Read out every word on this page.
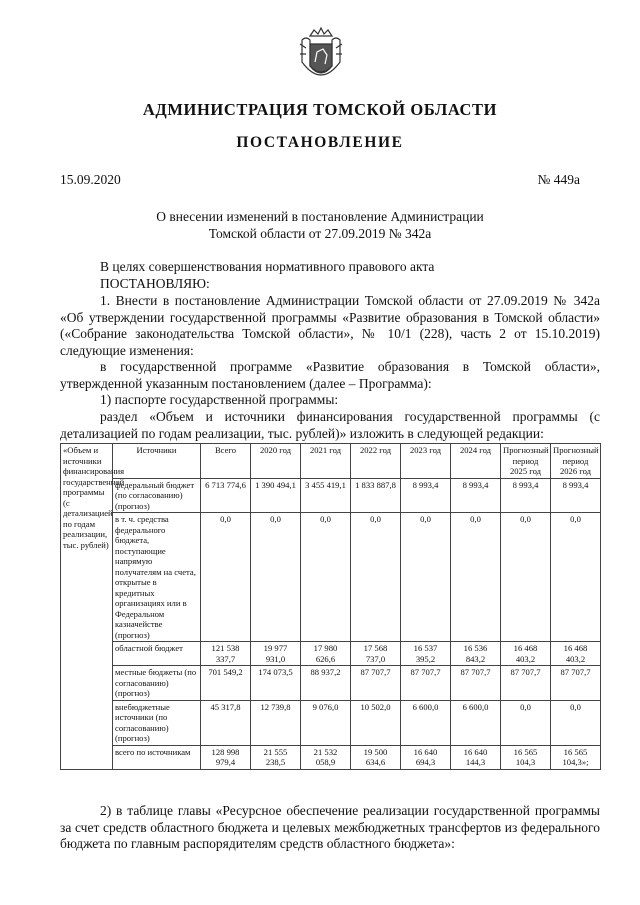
АДМИНИСТРАЦИЯ ТОМСКОЙ ОБЛАСТИ
ПОСТАНОВЛЕНИЕ
15.09.2020	№ 449а
О внесении изменений в постановление Администрации
Томской области от 27.09.2019 № 342а
В целях совершенствования нормативного правового акта
ПОСТАНОВЛЯЮ:
1. Внести в постановление Администрации Томской области от 27.09.2019 № 342а «Об утверждении государственной программы «Развитие образования в Томской области» («Собрание законодательства Томской области», № 10/1 (228), часть 2 от 15.10.2019) следующие изменения:
в государственной программе «Развитие образования в Томской области», утвержденной указанным постановлением (далее – Программа):
1) паспорте государственной программы:
раздел «Объем и источники финансирования государственной программы (с детализацией по годам реализации, тыс. рублей)» изложить в следующей редакции:
«Объем и источники финансирования государственной программы (с детализацией по годам реализации, тыс. рублей)	Источники	Всего	2020 год	2021 год	2022 год	2023 год	2024 год	Прогнозный период 2025 год	Прогнозный период 2026 год
	федеральный бюджет (по согласованию) (прогноз)	6 713 774,6	1 390 494,1	3 455 419,1	1 833 887,8	8 993,4	8 993,4	8 993,4	8 993,4
	в т. ч. средства федерального бюджета, поступающие напрямую получателям на счета, открытые в кредитных организациях или в Федеральном казначействе (прогноз)	0,0	0,0	0,0	0,0	0,0	0,0	0,0	0,0
	областной бюджет	121 538 337,7	19 977 931,0	17 980 626,6	17 568 737,0	16 537 395,2	16 536 843,2	16 468 403,2	16 468 403,2
	местные бюджеты (по согласованию) (прогноз)	701 549,2	174 073,5	88 937,2	87 707,7	87 707,7	87 707,7	87 707,7	87 707,7
	внебюджетные источники (по согласованию) (прогноз)	45 317,8	12 739,8	9 076,0	10 502,0	6 600,0	6 600,0	0,0	0,0
	всего по источникам	128 998 979,4	21 555 238,5	21 532 058,9	19 500 634,6	16 640 694,3	16 640 144,3	16 565 104,3	16 565 104,3»;
2) в таблице главы «Ресурсное обеспечение реализации государственной программы за счет средств областного бюджета и целевых межбюджетных трансфертов из федерального бюджета по главным распорядителям средств областного бюджета»:
